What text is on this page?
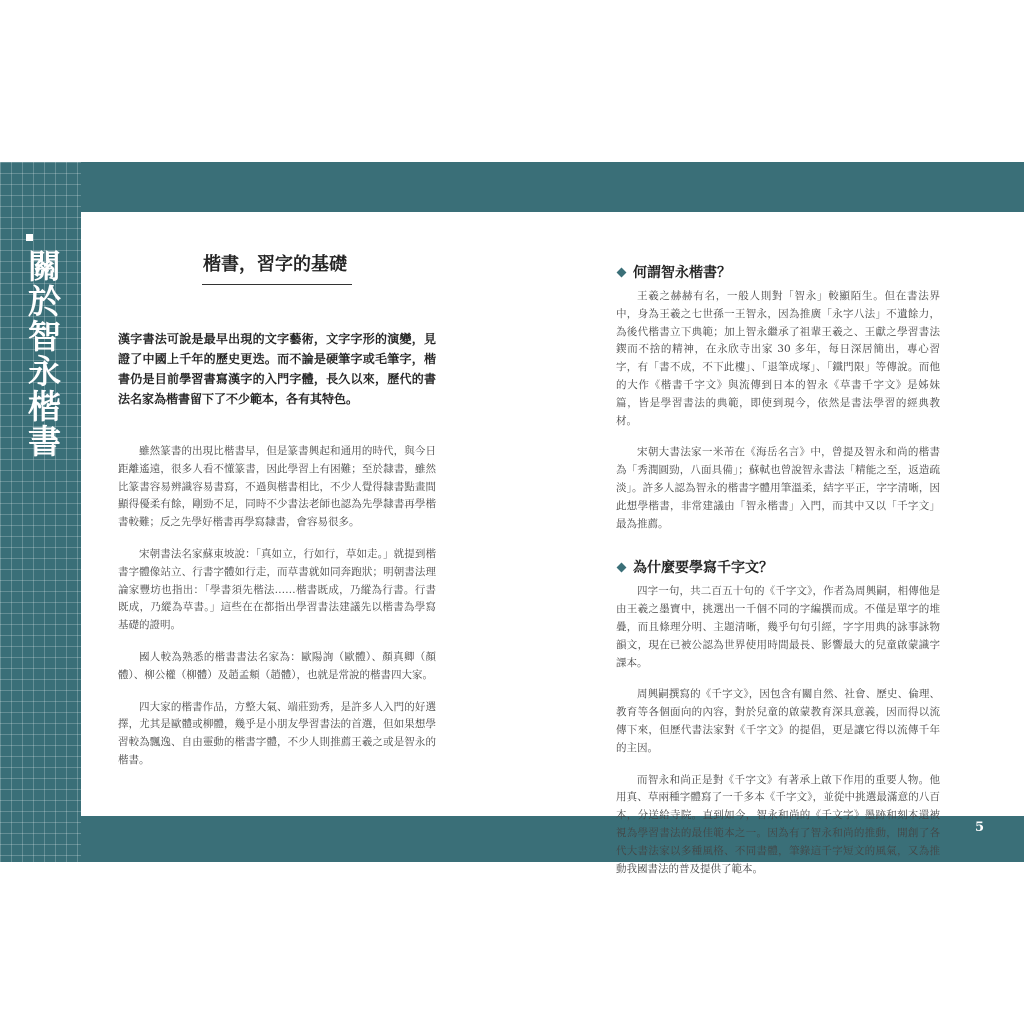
關於智永楷書	楷書，習字的基礎
漢字書法可說是最早出現的文字藝術，文字字形的演變，見證了中國上千年的歷史更迭。而不論是硬筆字或毛筆字，楷書仍是目前學習書寫漢字的入門字體，長久以來，歷代的書法名家為楷書留下了不少範本，各有其特色。

雖然篆書的出現比楷書早，但是篆書興起和通用的時代，與今日距離遙遠，很多人看不懂篆書，因此學習上有困難；至於隸書，雖然比篆書容易辨識容易書寫，不過與楷書相比，不少人覺得隸書點畫間顯得優柔有餘，剛勁不足，同時不少書法老師也認為先學隸書再學楷書較難；反之先學好楷書再學寫隸書，會容易很多。

宋朝書法名家蘇東坡說：「真如立，行如行，草如走。」就提到楷書字體像站立、行書字體如行走，而草書就如同奔跑狀；明朝書法理論家豐坊也指出：「學書須先楷法……楷書既成，乃縱為行書。行書既成，乃縱為草書。」這些在在都指出學習書法建議先以楷書為學寫基礎的證明。

國人較為熟悉的楷書書法名家為：歐陽詢（歐體）、顏真卿（顏體）、柳公權（柳體）及趙孟頫（趙體），也就是常說的楷書四大家。

四大家的楷書作品，方整大氣、端莊勁秀，是許多人入門的好選擇，尤其是歐體或柳體，幾乎是小朋友學習書法的首選，但如果想學習較為飄逸、自由靈動的楷書字體，不少人則推薦王羲之或是智永的楷書。

何謂智永楷書？

王羲之赫赫有名，一般人則對「智永」較顯陌生。但在書法界中，身為王羲之七世孫一王智永，因為推廣「永字八法」不遺餘力，為後代楷書立下典範；加上智永繼承了祖輩王羲之、王獻之學習書法鍥而不捨的精神，在永欣寺出家 30 多年，每日深居簡出，專心習字，有「書不成，不下此樓」、「退筆成塚」、「鐵門限」等傳說。而他的大作《楷書千字文》與流傳到日本的智永《草書千字文》是姊妹篇，皆是學習書法的典範，即使到現今，依然是書法學習的經典教材。

宋朝大書法家一米芾在《海岳名言》中，曾提及智永和尚的楷書為「秀潤圓勁，八面具備」；蘇軾也曾說智永書法「精能之至，返造疏淡」。許多人認為智永的楷書字體用筆溫柔，結字平正，字字清晰，因此想學楷書，非常建議由「智永楷書」入門，而其中又以「千字文」最為推薦。

為什麼要學寫千字文？

四字一句，共二百五十句的《千字文》，作者為周興嗣，相傳他是由王羲之墨寶中，挑選出一千個不同的字編撰而成。不僅是單字的堆疊，而且條理分明、主題清晰，幾乎句句引經，字字用典的詠事詠物韻文，現在已被公認為世界使用時間最長、影響最大的兒童啟蒙識字課本。

周興嗣撰寫的《千字文》，因包含有關自然、社會、歷史、倫理、教育等各個面向的內容，對於兒童的啟蒙教育深具意義，因而得以流傳下來，但歷代書法家對《千字文》的提倡，更是讓它得以流傳千年的主因。

而智永和尚正是對《千字文》有著承上啟下作用的重要人物。他用真、草兩種字體寫了一千多本《千字文》，並從中挑選最滿意的八百本，分送給寺院。直到如今，智永和尚的《千文字》墨跡和刻本還被視為學習書法的最佳範本之一。因為有了智永和尚的推動，開創了各代大書法家以多種風格、不同書體，筆錄這千字短文的風氣，又為推動我國書法的普及提供了範本。

5
